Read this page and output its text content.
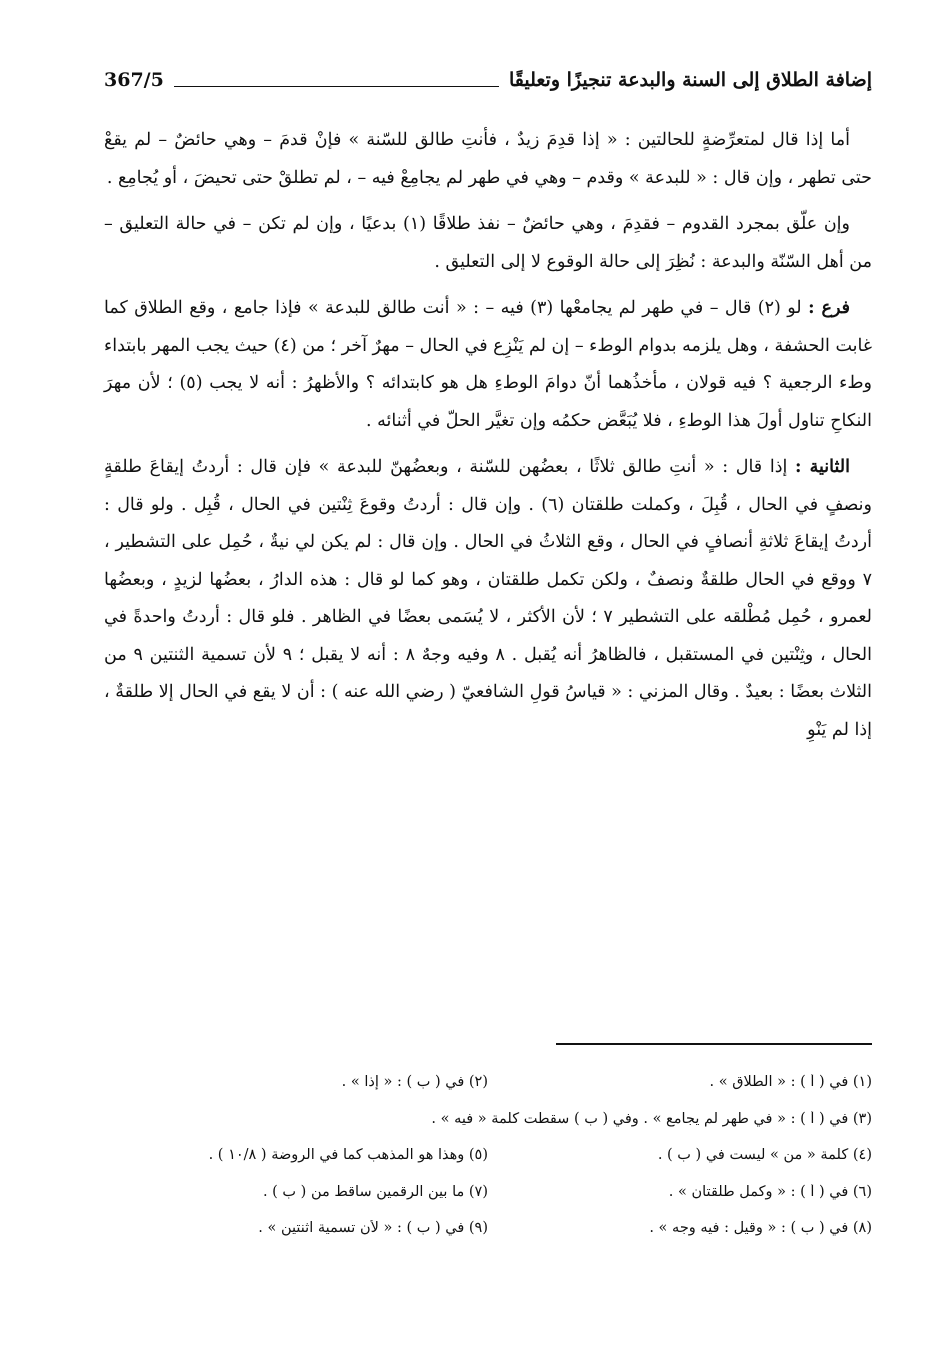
إضافة الطلاق إلى السنة والبدعة تنجيزًا وتعليقًا
367/5

أما إذا قال لمتعرِّضةٍ للحالتين : « إذا قدِمَ زيدٌ ، فأنتِ طالق للسّنة » فإنْ قدمَ – وهي حائضٌ – لم يقعْ حتى تطهر ، وإن قال : « للبدعة » وقدم – وهي في طهر لم يجامِعْ فيه – ، لم تطلقْ حتى تحيضَ ، أو يُجامِع .

وإن علّق بمجرد القدوم – فقدِمَ ، وهي حائضٌ – نفذ طلاقًا (١) بدعيًا ، وإن لم تكن – في حالة التعليق – من أهل السّنّة والبدعة : نُظِرَ إلى حالة الوقوع لا إلى التعليق .

فرع : لو (٢) قال – في طهر لم يجامعْها (٣) فيه – : « أنت طالق للبدعة » فإذا جامع ، وقع الطلاق كما غابت الحشفة ، وهل يلزمه بدوام الوطء – إن لم يَنْزِع في الحال – مهرٌ آخر ؛ من (٤) حيث يجب المهر بابتداء وطء الرجعية ؟ فيه قولان ، مأخذُهما أنّ دوامَ الوطءِ هل هو كابتدائه ؟ والأظهرُ : أنه لا يجب (٥) ؛ لأن مهرَ النكاحِ تناول أولَ هذا الوطءِ ، فلا يُبَعَّض حكمُه وإن تغيَّر الحلّ في أثنائه .

الثانية : إذا قال : « أنتِ طالق ثلاثًا ، بعضُهن للسّنة ، وبعضُهنّ للبدعة » فإن قال : أردتُ إيقاعَ طلقةٍ ونصفٍ في الحال ، قُبِلَ ، وكملت طلقتان (٦) . وإن قال : أردتُ وقوعَ ثِنْتين في الحال ، قُبِل . ولو قال : أردتُ إيقاعَ ثلاثةِ أنصافٍ في الحال ، وقع الثلاثُ في الحال . وإن قال : لم يكن لي نيةٌ ، حُمِل على التشطير ، ٧ ووقع في الحال طلقةٌ ونصفٌ ، ولكن تكمل طلقتان ، وهو كما لو قال : هذه الدارُ ، بعضُها لزيدٍ ، وبعضُها لعمرو ، حُمِل مُطْلقه على التشطير ٧ ؛ لأن الأكثر ، لا يُسَمى بعضًا في الظاهر . فلو قال : أردتُ واحدةً في الحال ، وثِنْتين في المستقبل ، فالظاهرُ أنه يُقبل . ٨ وفيه وجهٌ ٨ : أنه لا يقبل ؛ ٩ لأن تسمية الثنتين ٩ من الثلاث بعضًا : بعيدٌ . وقال المزني : « قياسُ قولِ الشافعيّ ( رضي الله عنه ) : أن لا يقع في الحال إلا طلقةٌ ، إذا لم يَنْوِ

(١) في ( أ ) : « الطلاق » .
(٢) في ( ب ) : « إذا » .
(٣) في ( أ ) : « في طهر لم يجامع » . وفي ( ب ) سقطت كلمة « فيه » .
(٤) كلمة « من » ليست في ( ب ) .
(٥) وهذا هو المذهب كما في الروضة ( ١٠/٨ ) .
(٦) في ( أ ) : « وكمل طلقتان » .
(٧) ما بين الرقمين ساقط من ( ب ) .
(٨) في ( ب ) : « وقيل : فيه وجه » .
(٩) في ( ب ) : « لأن تسمية اثنتين » .
